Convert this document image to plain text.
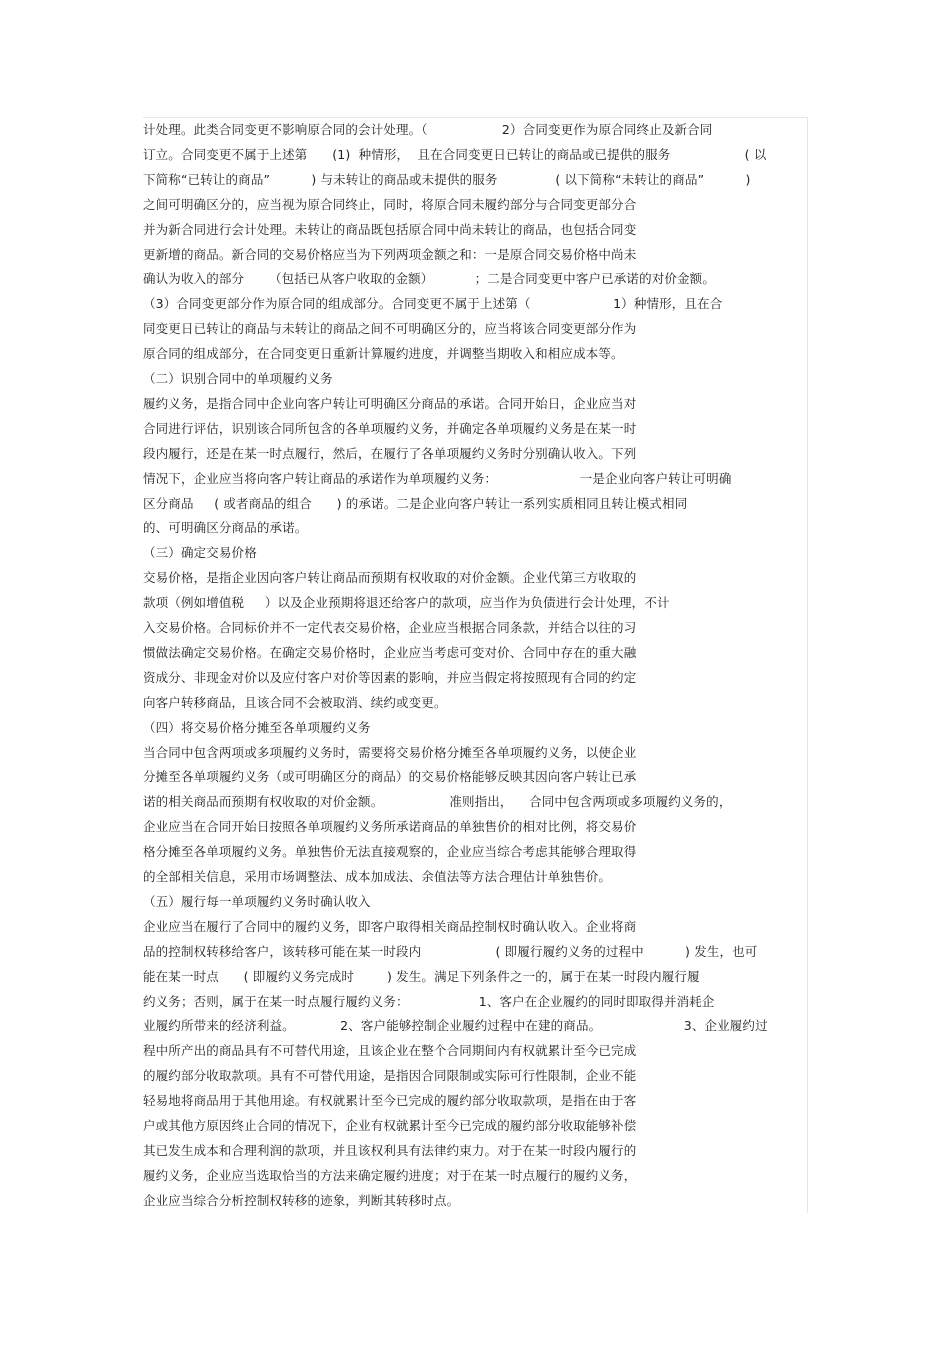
计处理。此类合同变更不影响原合同的会计处理。（                  2）合同变更作为原合同终止及新合同
订立。合同变更不属于上述第      (1)  种情形，  且在合同变更日已转让的商品或已提供的服务                  ( 以
下简称“已转让的商品”          ) 与未转让的商品或未提供的服务              ( 以下简称“未转让的商品”          )
之间可明确区分的，应当视为原合同终止，同时，将原合同未履约部分与合同变更部分合
并为新合同进行会计处理。未转让的商品既包括原合同中尚未转让的商品，也包括合同变
更新增的商品。新合同的交易价格应当为下列两项金额之和：一是原合同交易价格中尚未
确认为收入的部分      （包括已从客户收取的金额）          ；二是合同变更中客户已承诺的对价金额。
（3）合同变更部分作为原合同的组成部分。合同变更不属于上述第（                    1）种情形，且在合
同变更日已转让的商品与未转让的商品之间不可明确区分的，应当将该合同变更部分作为
原合同的组成部分，在合同变更日重新计算履约进度，并调整当期收入和相应成本等。
（二）识别合同中的单项履约义务
履约义务，是指合同中企业向客户转让可明确区分商品的承诺。合同开始日，企业应当对
合同进行评估，识别该合同所包含的各单项履约义务，并确定各单项履约义务是在某一时
段内履行，还是在某一时点履行，然后，在履行了各单项履约义务时分别确认收入。下列
情况下，企业应当将向客户转让商品的承诺作为单项履约义务：                    一是企业向客户转让可明确
区分商品     ( 或者商品的组合      ) 的承诺。二是企业向客户转让一系列实质相同且转让模式相同
的、可明确区分商品的承诺。
（三）确定交易价格
交易价格，是指企业因向客户转让商品而预期有权收取的对价金额。企业代第三方收取的
款项（例如增值税     ）以及企业预期将退还给客户的款项，应当作为负债进行会计处理，不计
入交易价格。合同标价并不一定代表交易价格，企业应当根据合同条款，并结合以往的习
惯做法确定交易价格。在确定交易价格时，企业应当考虑可变对价、合同中存在的重大融
资成分、非现金对价以及应付客户对价等因素的影响，并应当假定将按照现有合同的约定
向客户转移商品，且该合同不会被取消、续约或变更。
（四）将交易价格分摊至各单项履约义务
当合同中包含两项或多项履约义务时，需要将交易价格分摊至各单项履约义务，以使企业
分摊至各单项履约义务（或可明确区分的商品）的交易价格能够反映其因向客户转让已承
诺的相关商品而预期有权收取的对价金额。                准则指出，    合同中包含两项或多项履约义务的，
企业应当在合同开始日按照各单项履约义务所承诺商品的单独售价的相对比例，将交易价
格分摊至各单项履约义务。单独售价无法直接观察的，企业应当综合考虑其能够合理取得
的全部相关信息，采用市场调整法、成本加成法、余值法等方法合理估计单独售价。
（五）履行每一单项履约义务时确认收入
企业应当在履行了合同中的履约义务，即客户取得相关商品控制权时确认收入。企业将商
品的控制权转移给客户，该转移可能在某一时段内                  ( 即履行履约义务的过程中          ) 发生，也可
能在某一时点      ( 即履约义务完成时        ) 发生。满足下列条件之一的，属于在某一时段内履行履
约义务；否则，属于在某一时点履行履约义务：                 1、客户在企业履约的同时即取得并消耗企
业履约所带来的经济利益。           2、客户能够控制企业履约过程中在建的商品。                    3、企业履约过
程中所产出的商品具有不可替代用途，且该企业在整个合同期间内有权就累计至今已完成
的履约部分收取款项。具有不可替代用途，是指因合同限制或实际可行性限制，企业不能
轻易地将商品用于其他用途。有权就累计至今已完成的履约部分收取款项，是指在由于客
户或其他方原因终止合同的情况下，企业有权就累计至今已完成的履约部分收取能够补偿
其已发生成本和合理利润的款项，并且该权利具有法律约束力。对于在某一时段内履行的
履约义务，企业应当选取恰当的方法来确定履约进度；对于在某一时点履行的履约义务，
企业应当综合分析控制权转移的迹象，判断其转移时点。
